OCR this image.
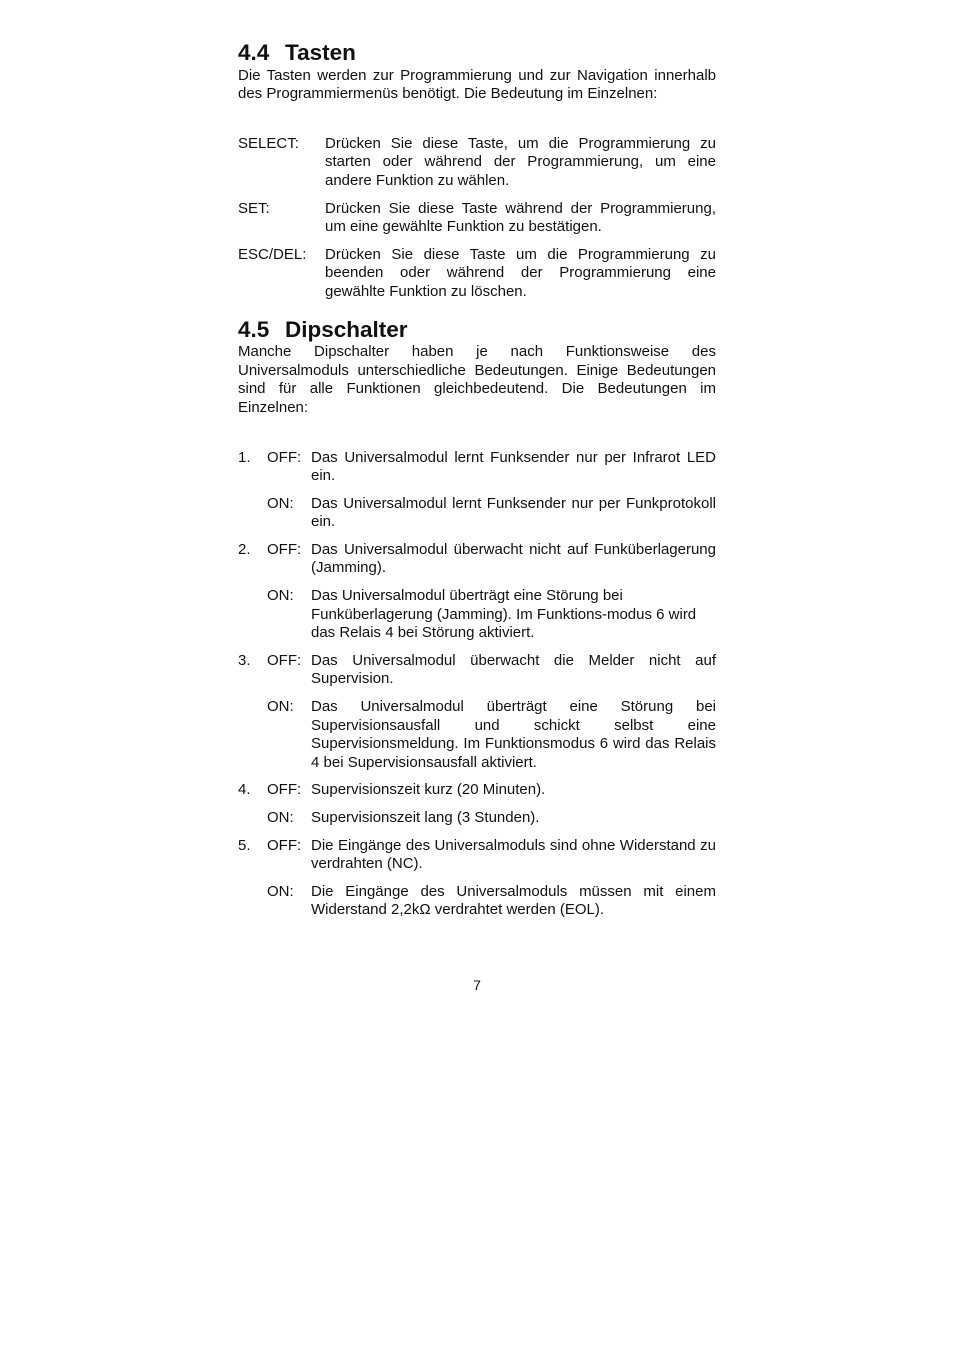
4.4 Tasten

Die Tasten werden zur Programmierung und zur Navigation innerhalb des Programmiermenüs benötigt. Die Bedeutung im Einzelnen:

SELECT:	Drücken Sie diese Taste, um die Programmierung zu starten oder während der Programmierung, um eine andere Funktion zu wählen.
SET:	Drücken Sie diese Taste während der Programmierung, um eine gewählte Funktion zu bestätigen.
ESC/DEL:	Drücken Sie diese Taste um die Programmierung zu beenden oder während der Programmierung eine gewählte Funktion zu löschen.
4.5 Dipschalter

Manche Dipschalter haben je nach Funktionsweise des Universalmoduls unterschiedliche Bedeutungen. Einige Bedeutungen sind für alle Funktionen gleichbedeutend. Die Bedeutungen im Einzelnen:

1.	OFF: Das Universalmodul lernt Funksender nur per Infrarot LED ein.
ON:	Das Universalmodul lernt Funksender nur per Funkprotokoll ein.
2.	OFF: Das Universalmodul überwacht nicht auf Funküberlagerung (Jamming).
ON:	Das Universalmodul überträgt eine Störung bei Funküberlagerung (Jamming). Im Funktions-modus 6 wird das Relais 4 bei Störung aktiviert.
3.	OFF: Das Universalmodul überwacht die Melder nicht auf Supervision.
ON:	Das Universalmodul überträgt eine Störung bei Supervisionsausfall und schickt selbst eine Supervisionsmeldung. Im Funktionsmodus 6 wird das Relais 4 bei Supervisionsausfall aktiviert.
4.	OFF: Supervisionszeit kurz (20 Minuten).
ON:	Supervisionszeit lang (3 Stunden).
5.	OFF: Die Eingänge des Universalmoduls sind ohne Widerstand zu verdrahten (NC).
ON:	Die Eingänge des Universalmoduls müssen mit einem Widerstand 2,2kΩ verdrahtet werden (EOL).
7
